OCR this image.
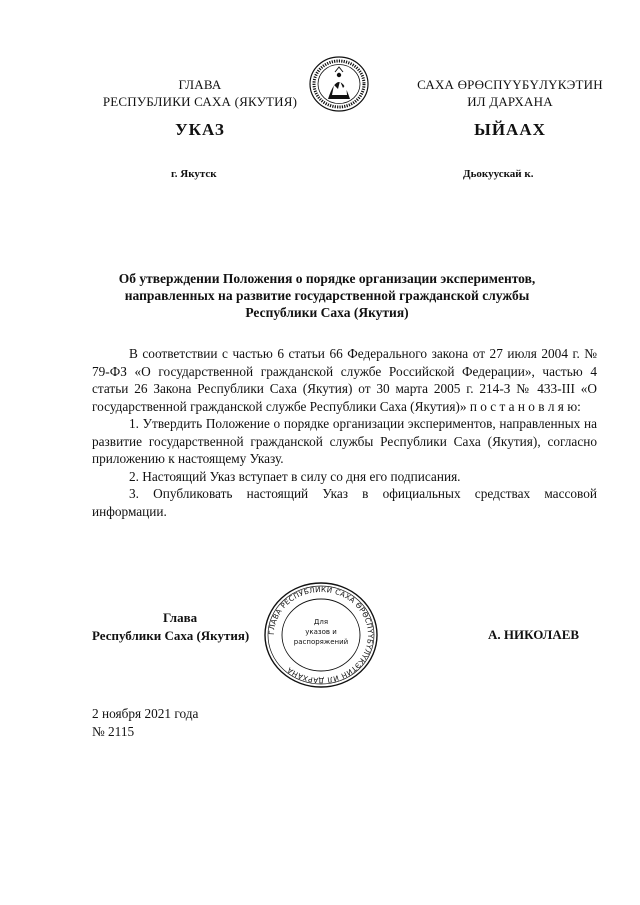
ГЛАВА
РЕСПУБЛИКИ САХА (ЯКУТИЯ)
САХА ӨРӨСПҮҮБҮЛҮКЭТИН
ИЛ ДАРХАНА
УКАЗ	ЫЙААХ
г. Якутск	Дьокуускай к.
Об утверждении Положения о порядке организации экспериментов,
направленных на развитие государственной гражданской службы
Республики Саха (Якутия)

В соответствии с частью 6 статьи 66 Федерального закона от 27 июля 2004 г. № 79-ФЗ «О государственной гражданской службе Российской Федерации», частью 4 статьи 26 Закона Республики Саха (Якутия) от 30 марта 2005 г. 214-З № 433-III «О государственной гражданской службе Республики Саха (Якутия)» п о с т а н о в л я ю:

1. Утвердить Положение о порядке организации экспериментов, направленных на развитие государственной гражданской службы Республики Саха (Якутия), согласно приложению к настоящему Указу.

2. Настоящий Указ вступает в силу со дня его подписания.

3. Опубликовать настоящий Указ в официальных средствах массовой информации.

Глава
Республики Саха (Якутия) ГЛАВА РЕСПУБЛИКИ САХА ӨРӨСПҮҮБҮЛҮКЭТИН ИЛ ДАРХАНА
Для
указов и
распоряжений	А. НИКОЛАЕВ
2 ноября 2021 года
№ 2115
